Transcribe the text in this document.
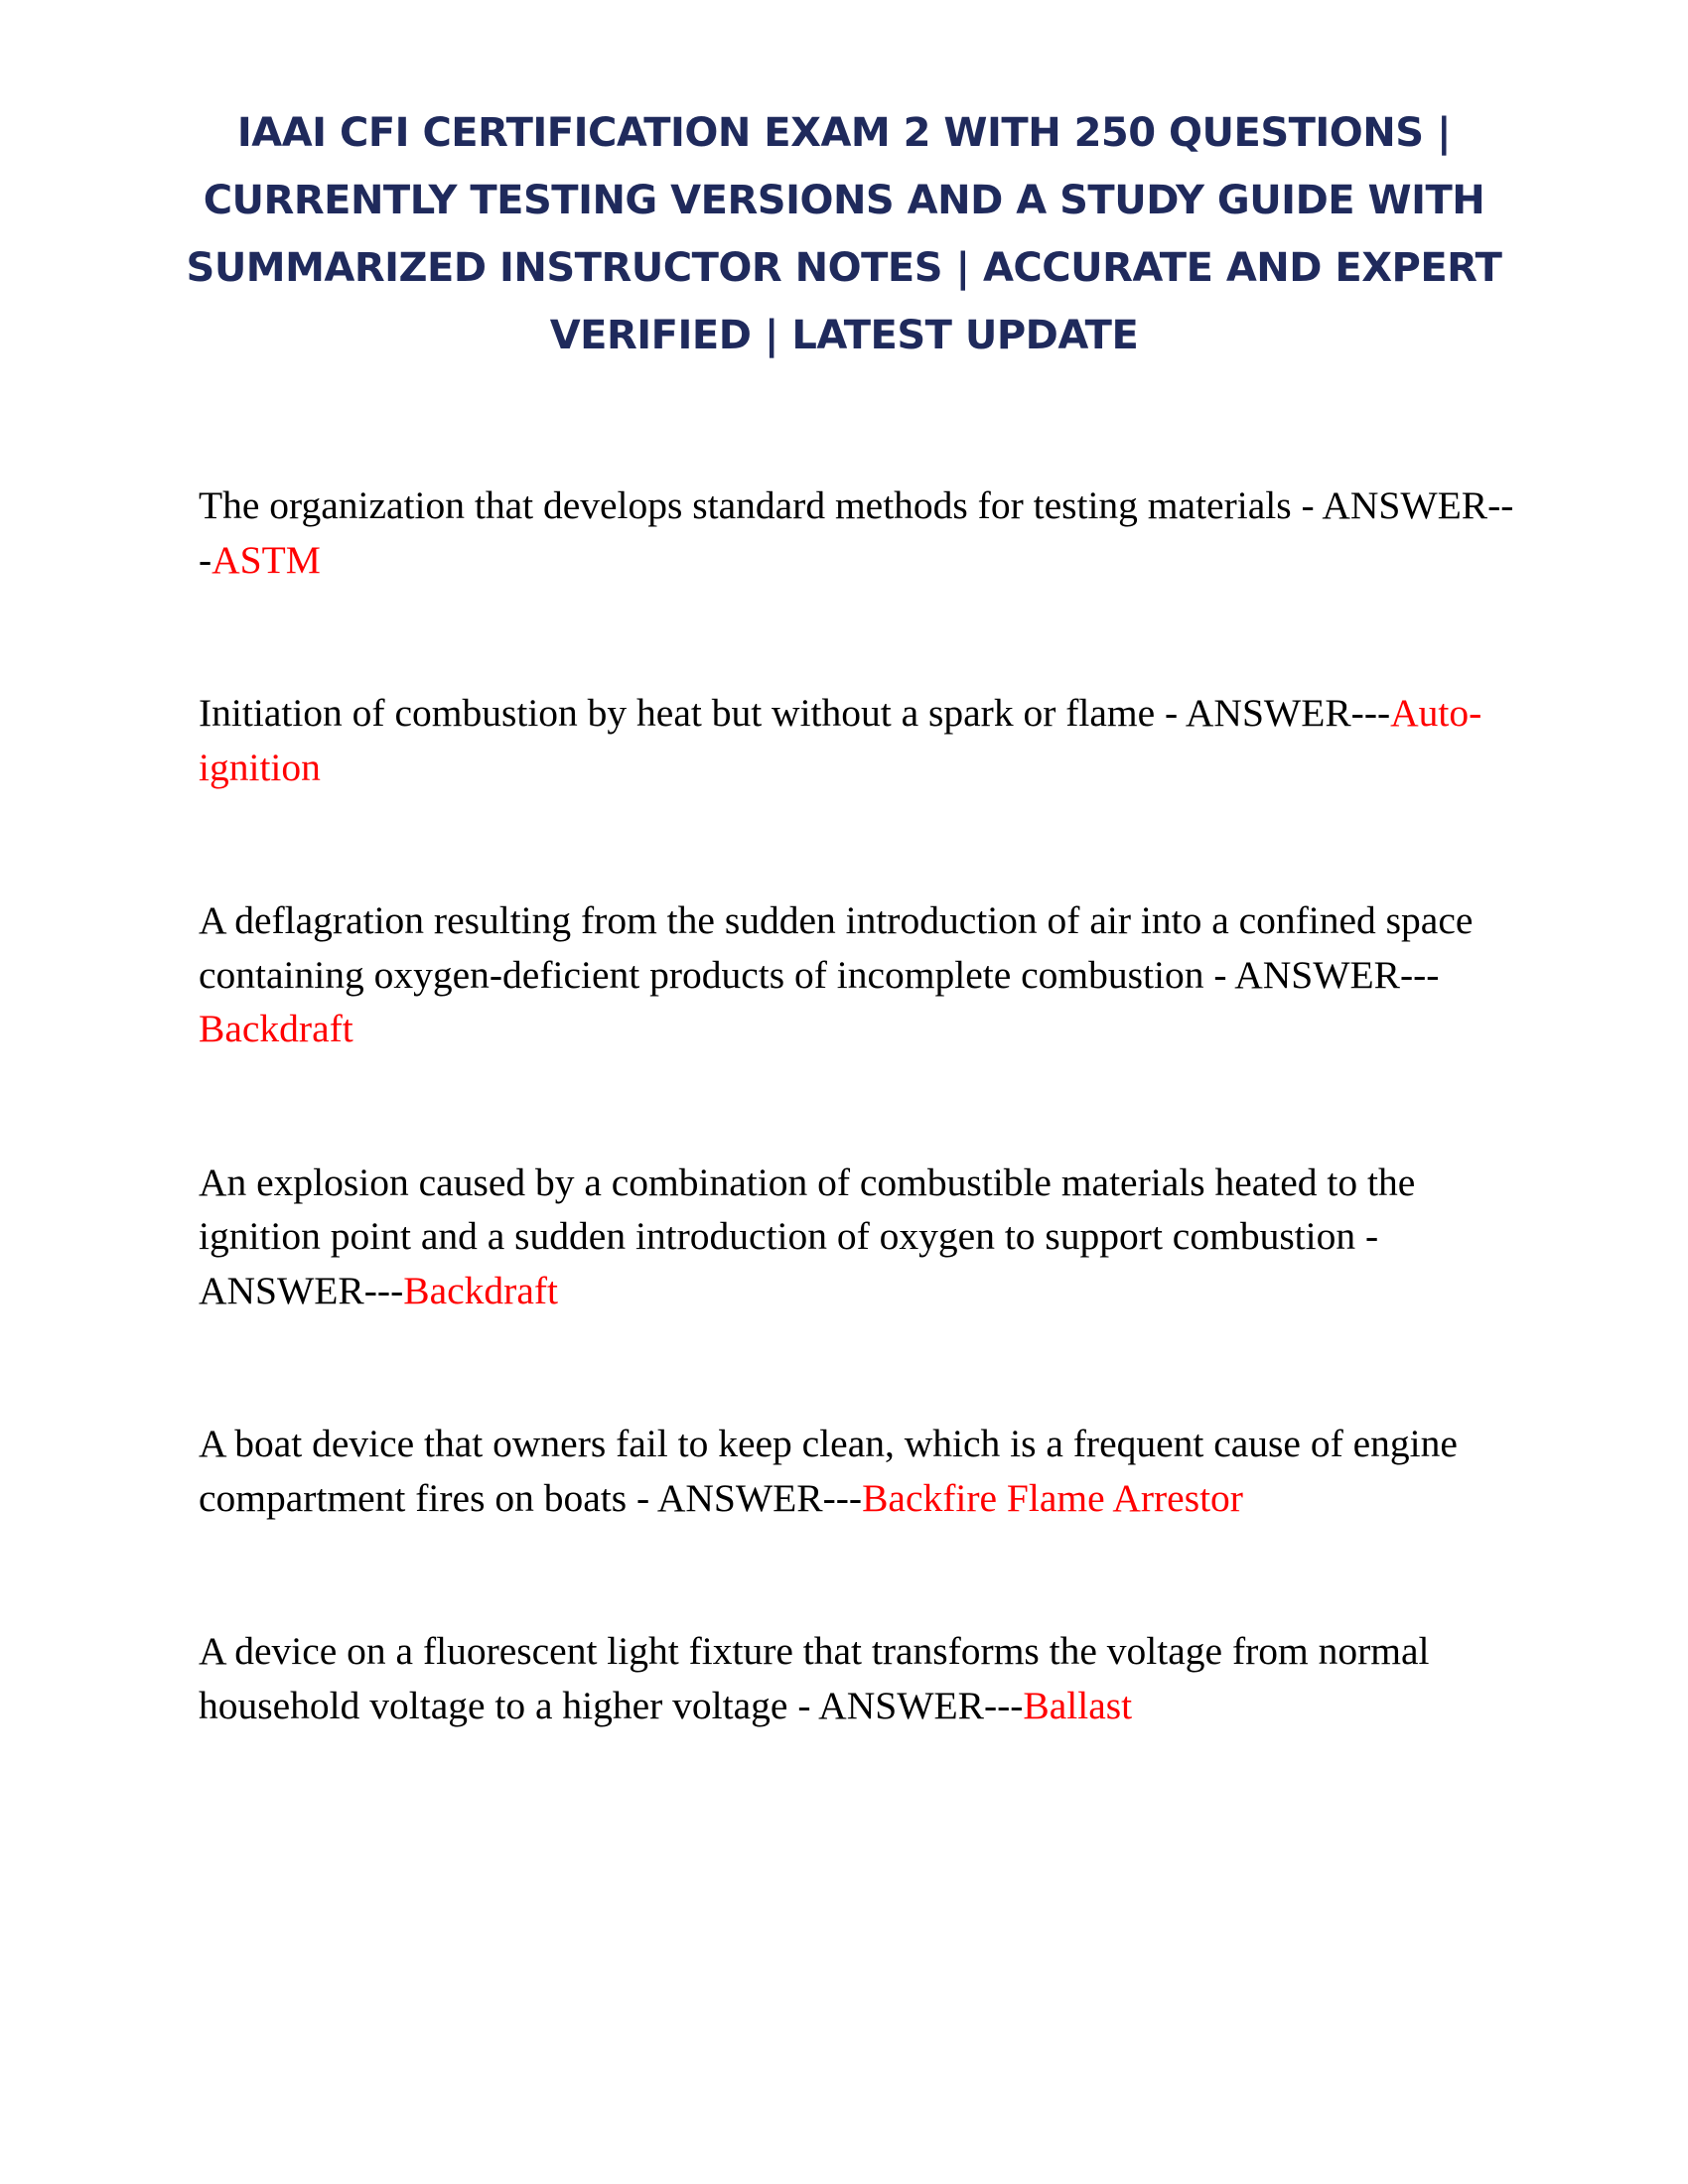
IAAI CFI CERTIFICATION EXAM 2 WITH 250 QUESTIONS | CURRENTLY TESTING VERSIONS AND A STUDY GUIDE WITH SUMMARIZED INSTRUCTOR NOTES | ACCURATE AND EXPERT VERIFIED | LATEST UPDATE

The organization that develops standard methods for testing materials - ANSWER---ASTM

Initiation of combustion by heat but without a spark or flame - ANSWER---Auto-ignition

A deflagration resulting from the sudden introduction of air into a confined space containing oxygen-deficient products of incomplete combustion - ANSWER---Backdraft

An explosion caused by a combination of combustible materials heated to the ignition point and a sudden introduction of oxygen to support combustion - ANSWER---Backdraft

A boat device that owners fail to keep clean, which is a frequent cause of engine compartment fires on boats - ANSWER---Backfire Flame Arrestor

A device on a fluorescent light fixture that transforms the voltage from normal household voltage to a higher voltage - ANSWER---Ballast
